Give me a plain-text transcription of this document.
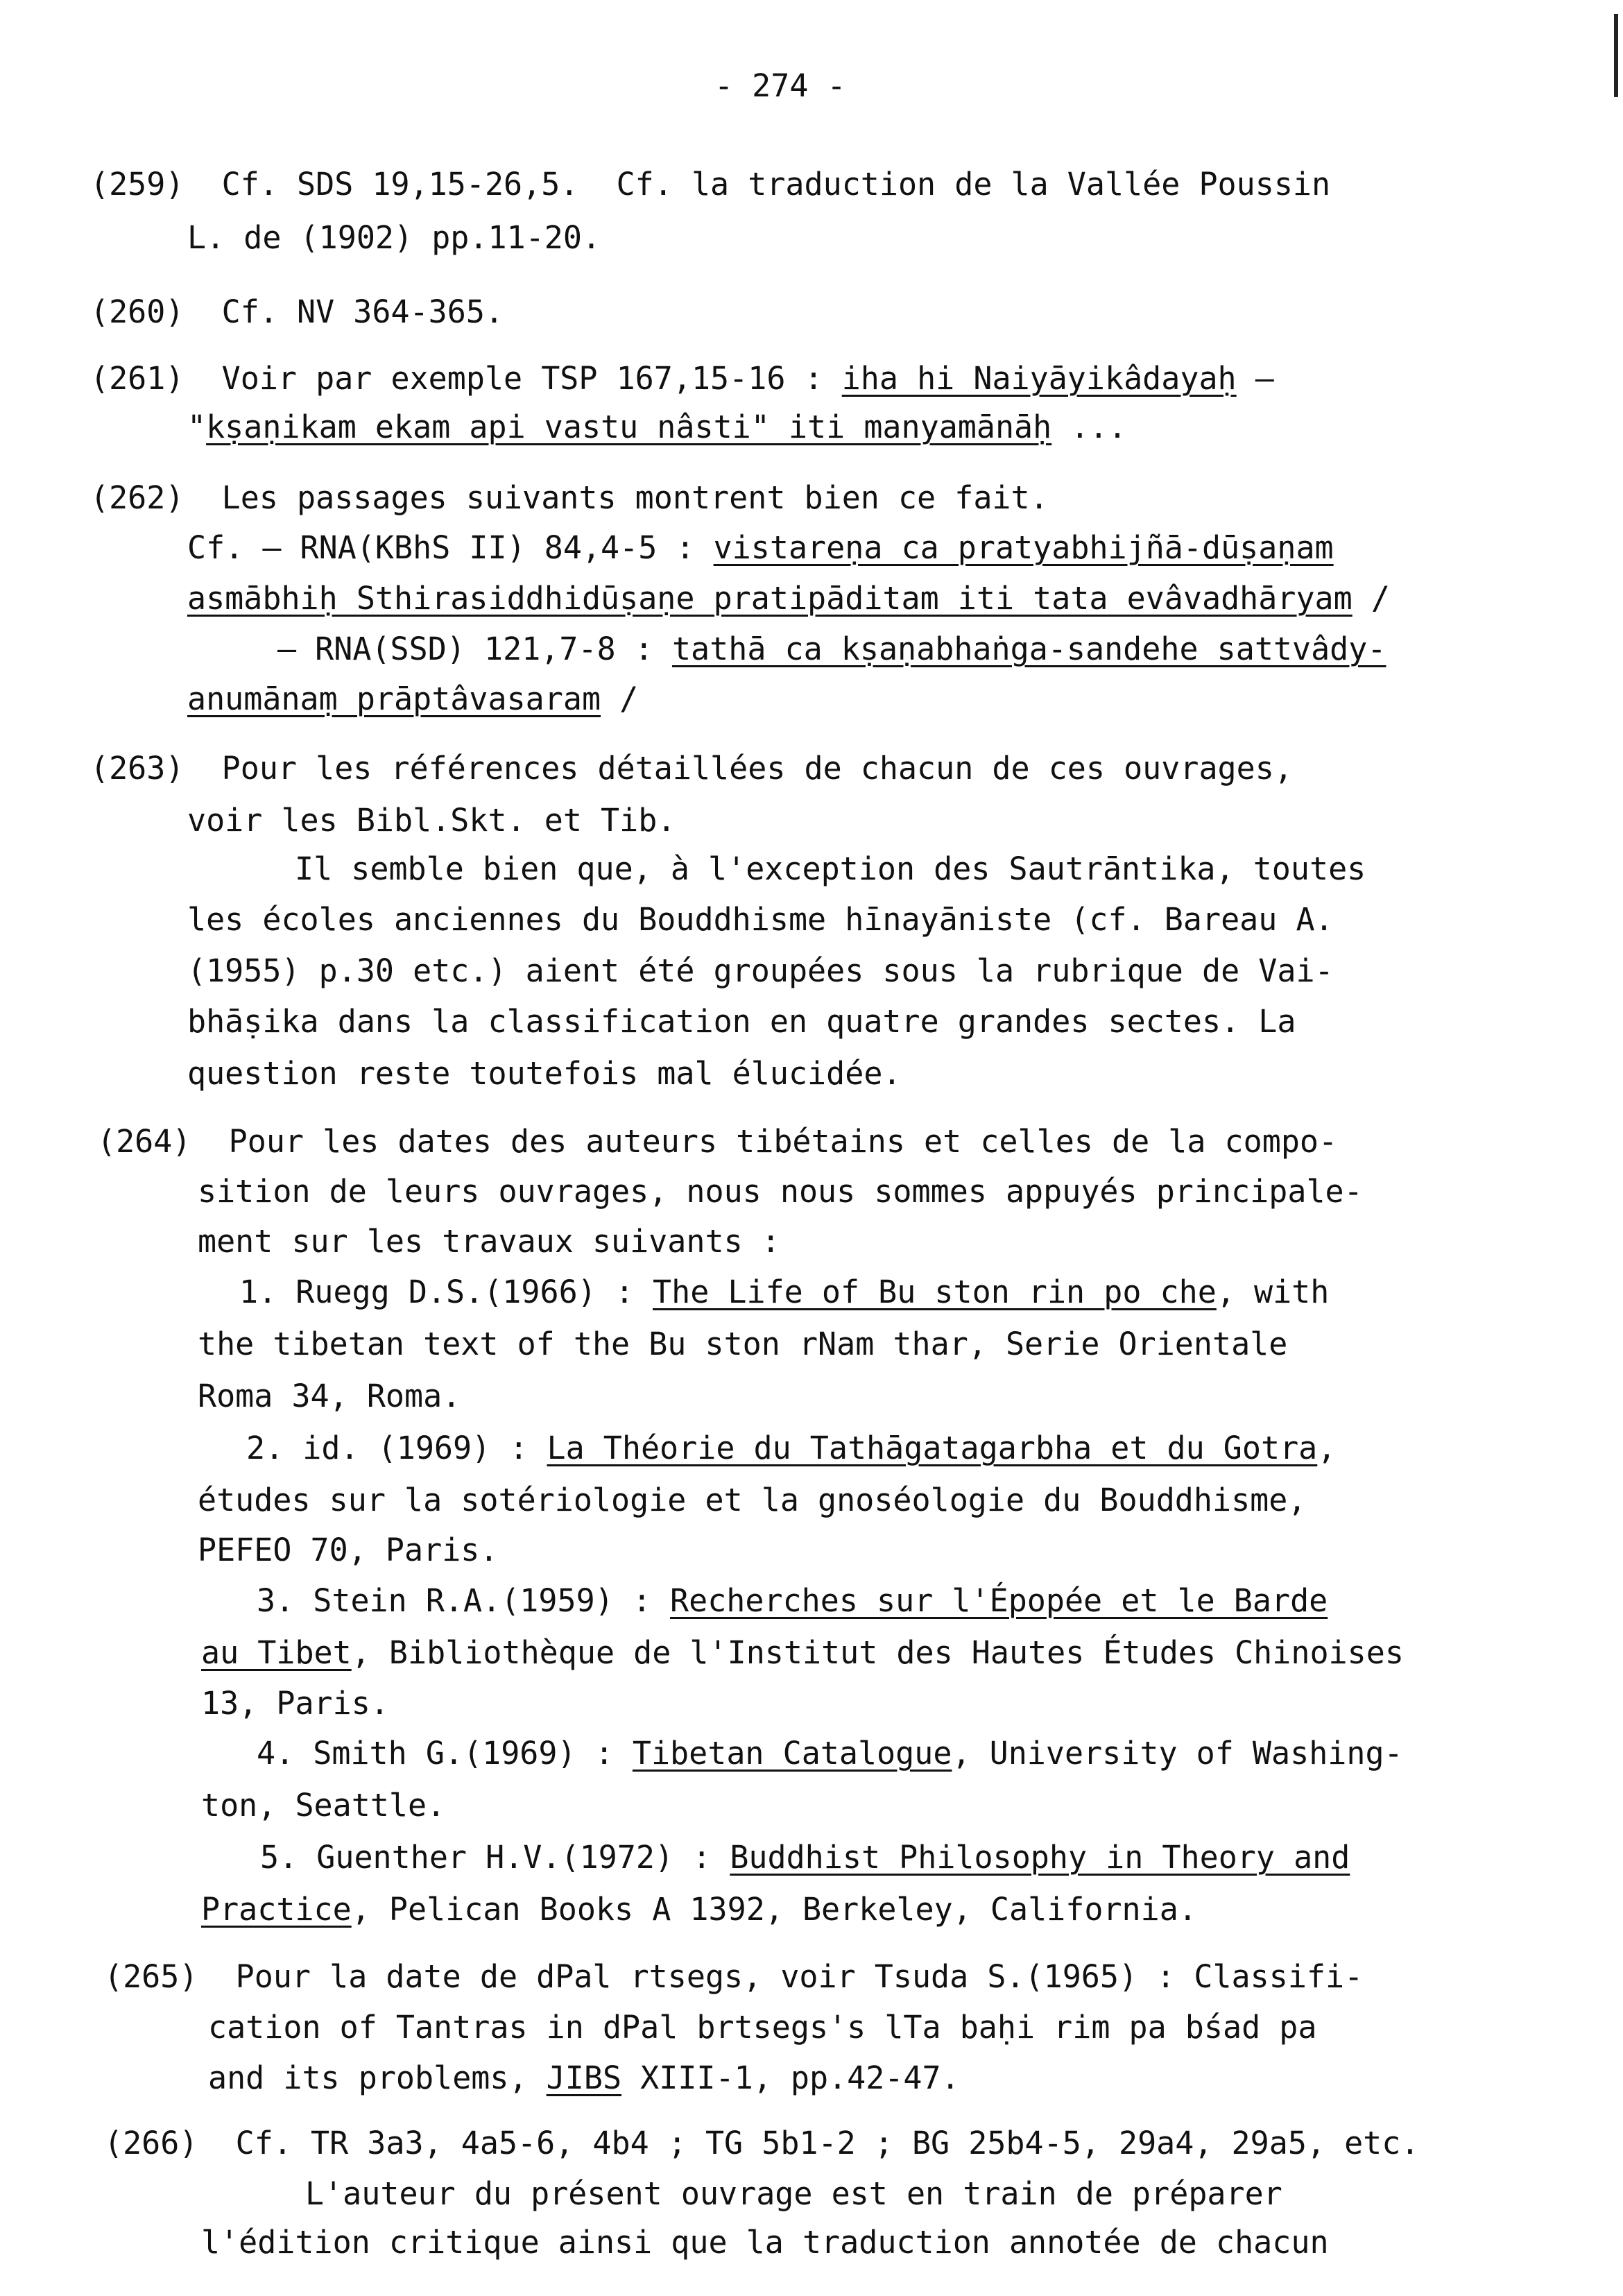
- 274 -
(259)  Cf. SDS 19,15-26,5.  Cf. la traduction de la Vallée Poussin
L. de (1902) pp.11-20.
(260)  Cf. NV 364-365.
(261)  Voir par exemple TSP 167,15-16 : iha hi Naiyāyikâdayaḥ –
"kṣaṇikam ekam api vastu nâsti" iti manyamānāḥ ...
(262)  Les passages suivants montrent bien ce fait.
Cf. – RNA(KBhS II) 84,4-5 : vistareṇa ca pratyabhijñā-dūṣaṇam
asmābhiḥ Sthirasiddhidūṣaṇe pratipāditam iti tata evâvadhāryam /
– RNA(SSD) 121,7-8 : tathā ca kṣaṇabhaṅga-sandehe sattvâdy-
anumānaṃ prāptâvasaram /
(263)  Pour les références détaillées de chacun de ces ouvrages,
voir les Bibl.Skt. et Tib.
Il semble bien que, à l'exception des Sautrāntika, toutes
les écoles anciennes du Bouddhisme hīnayāniste (cf. Bareau A.
(1955) p.30 etc.) aient été groupées sous la rubrique de Vai-
bhāṣika dans la classification en quatre grandes sectes. La
question reste toutefois mal élucidée.
(264)  Pour les dates des auteurs tibétains et celles de la compo-
sition de leurs ouvrages, nous nous sommes appuyés principale-
ment sur les travaux suivants :
1. Ruegg D.S.(1966) : The Life of Bu ston rin po che, with
the tibetan text of the Bu ston rNam thar, Serie Orientale
Roma 34, Roma.
2. id. (1969) : La Théorie du Tathāgatagarbha et du Gotra,
études sur la sotériologie et la gnoséologie du Bouddhisme,
PEFEO 70, Paris.
3. Stein R.A.(1959) : Recherches sur l'Épopée et le Barde
au Tibet, Bibliothèque de l'Institut des Hautes Études Chinoises
13, Paris.
4. Smith G.(1969) : Tibetan Catalogue, University of Washing-
ton, Seattle.
5. Guenther H.V.(1972) : Buddhist Philosophy in Theory and
Practice, Pelican Books A 1392, Berkeley, California.
(265)  Pour la date de dPal rtsegs, voir Tsuda S.(1965) : Classifi-
cation of Tantras in dPal brtsegs's lTa baḥi rim pa bśad pa
and its problems, JIBS XIII-1, pp.42-47.
(266)  Cf. TR 3a3, 4a5-6, 4b4 ; TG 5b1-2 ; BG 25b4-5, 29a4, 29a5, etc.
L'auteur du présent ouvrage est en train de préparer
l'édition critique ainsi que la traduction annotée de chacun
